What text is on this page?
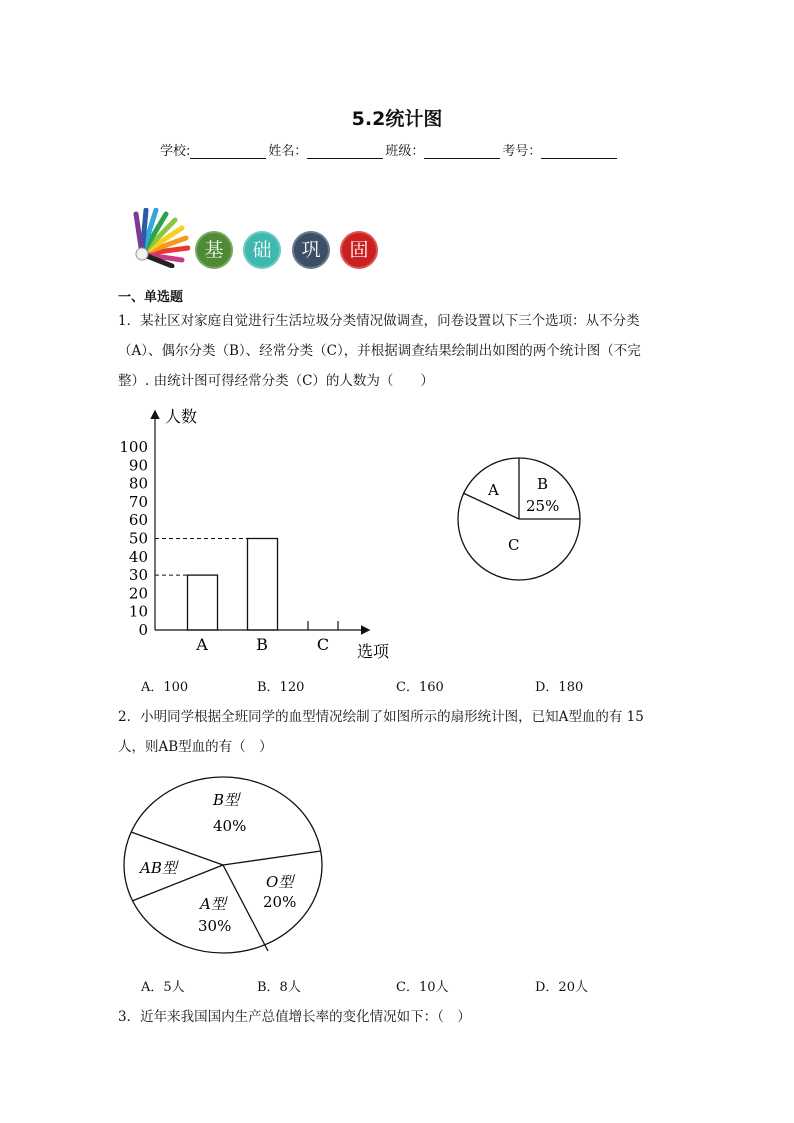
5.2统计图
学校:	姓名：	班级：	考号：
基	础	巩	固
一、单选题
1．某社区对家庭自觉进行生活垃圾分类情况做调查，问卷设置以下三个选项：从不分类
（A）、偶尔分类（B）、经常分类（C），并根据调查结果绘制出如图的两个统计图（不完
整）. 由统计图可得经常分类（C）的人数为（　　）
人数
选项
100
90
80
70
60
50
40
30
20
10
0
A	B	C
A	B
25%
C
A．100	B．120	C．160	D．180
2．小明同学根据全班同学的血型情况绘制了如图所示的扇形统计图，已知A型血的有 15
人，则AB型血的有（　）
B型
40%
AB型
O型
20%
A型
30%
A．5人	B．8人	C．10人	D．20人
3．近年来我国国内生产总值增长率的变化情况如下：（　）
